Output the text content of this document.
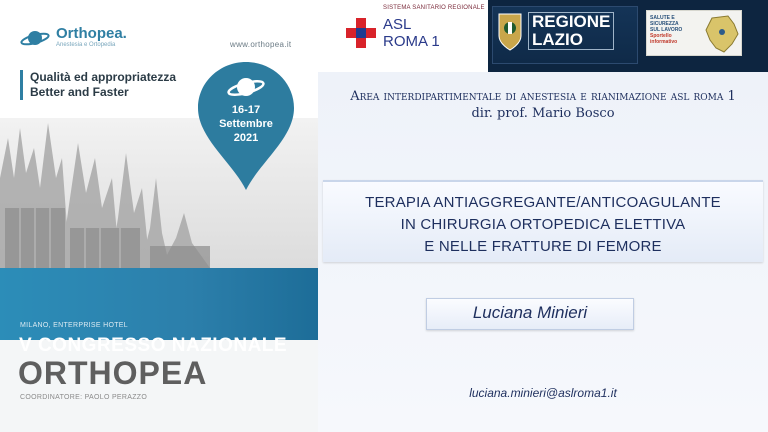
Orthopea.
Anestesia e Ortopedia	www.orthopea.it
Qualità ed appropriatezza
Better and Faster
16-17
Settembre
2021
MILANO, ENTERPRISE HOTEL
V CONGRESSO NAZIONALE
ORTHOPEA
COORDINATORE: PAOLO PERAZZO
SISTEMA SANITARIO REGIONALE
ASL
ROMA 1
REGIONE
LAZIO
SALUTE E SICUREZZA
SUL LAVORO
Sportello informativo
Area interdipartimentale di anestesia e rianimazione asl roma 1
dir. prof. Mario Bosco
TERAPIA ANTIAGGREGANTE/ANTICOAGULANTE
IN CHIRURGIA ORTOPEDICA ELETTIVA
E NELLE FRATTURE DI FEMORE
Luciana Minieri
luciana.minieri@aslroma1.it
